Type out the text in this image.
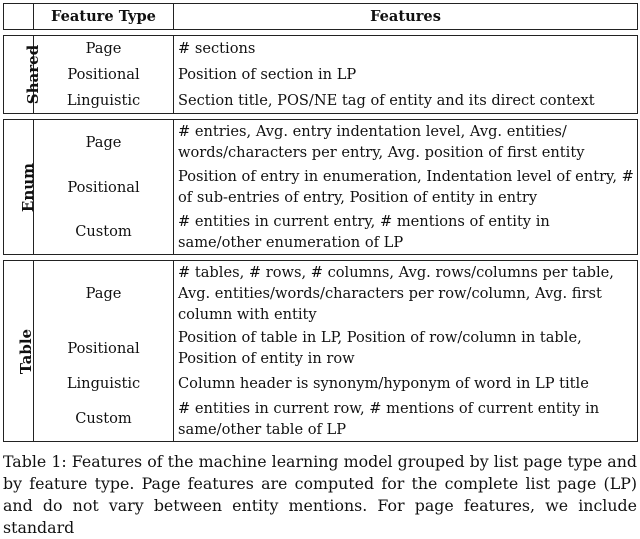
	Feature Type	Features

Shared	Page	# sections
	Positional	Position of section in LP
	Linguistic	Section title, POS/NE tag of entity and its direct context

Enum	Page	# entries, Avg. entry indentation level, Avg. entities/ words/characters per entry, Avg. position of first entity
	Positional	Position of entry in enumeration, Indentation level of entry, # of sub-entries of entry, Position of entity in entry
	Custom	# entities in current entry, # mentions of entity in same/other enumeration of LP

Table	Page	# tables, # rows, # columns, Avg. rows/columns per table, Avg. entities/words/characters per row/column, Avg. first column with entity
	Positional	Position of table in LP, Position of row/column in table, Position of entity in row
	Linguistic	Column header is synonym/hyponym of word in LP title
	Custom	# entities in current row, # mentions of current entity in same/other table of LP
Table 1: Features of the machine learning model grouped by list page type and by feature type. Page features are computed for the complete list page (LP) and do not vary between entity mentions. For page features, we include standard
